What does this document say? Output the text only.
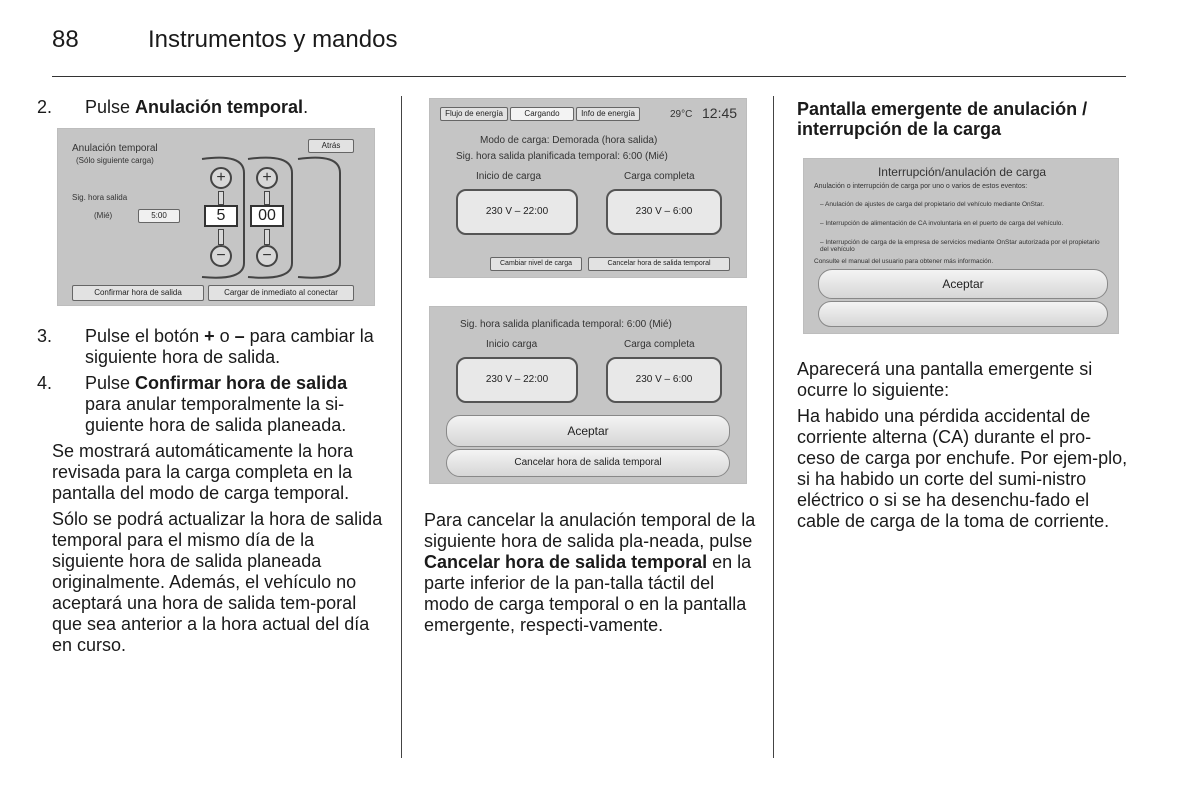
88	Instrumentos y mandos

2. Pulse Anulación temporal.

Anulación temporal
(Sólo siguiente carga)
Atrás
Sig. hora salida
(Mié)	5:00
+
5
−
+
00
−
Confirmar hora de salida	Cargar de inmediato al conectar

3. Pulse el botón + o – para cambiar la siguiente hora de salida.

4. Pulse Confirmar hora de salida para anular temporalmente la si-guiente hora de salida planeada.

Se mostrará automáticamente la hora revisada para la carga completa en la pantalla del modo de carga temporal.

Sólo se podrá actualizar la hora de salida temporal para el mismo día de la siguiente hora de salida planeada originalmente. Además, el vehículo no aceptará una hora de salida tem-poral que sea anterior a la hora actual del día en curso.

Flujo de energía	Cargando	Info de energía	29°C 12:45
Modo de carga: Demorada (hora salida)
Sig. hora salida planificada temporal: 6:00 (Mié)
Inicio de carga	Carga completa
230 V – 22:00	230 V – 6:00
Cambiar nivel de carga	Cancelar hora de salida temporal
Sig. hora salida planificada temporal: 6:00 (Mié)
Inicio carga	Carga completa
230 V – 22:00	230 V – 6:00
Aceptar
Cancelar hora de salida temporal

Para cancelar la anulación temporal de la siguiente hora de salida pla-neada, pulse Cancelar hora de salida temporal en la parte inferior de la pan-talla táctil del modo de carga temporal o en la pantalla emergente, respecti-vamente.

Pantalla emergente de anulación / interrupción de la carga
Interrupción/anulación de carga
Anulación o interrupción de carga por uno o varios de estos eventos:
– Anulación de ajustes de carga del propietario del vehículo mediante OnStar.
– Interrupción de alimentación de CA involuntaria en el puerto de carga del vehículo.
– Interrupción de carga de la empresa de servicios mediante OnStar autorizada por el propietario del vehículo
Consulte el manual del usuario para obtener más información.
Aceptar

Aparecerá una pantalla emergente si ocurre lo siguiente:

Ha habido una pérdida accidental de corriente alterna (CA) durante el pro-ceso de carga por enchufe. Por ejem-plo, si ha habido un corte del sumi-nistro eléctrico o si se ha desenchu-fado el cable de carga de la toma de corriente.
